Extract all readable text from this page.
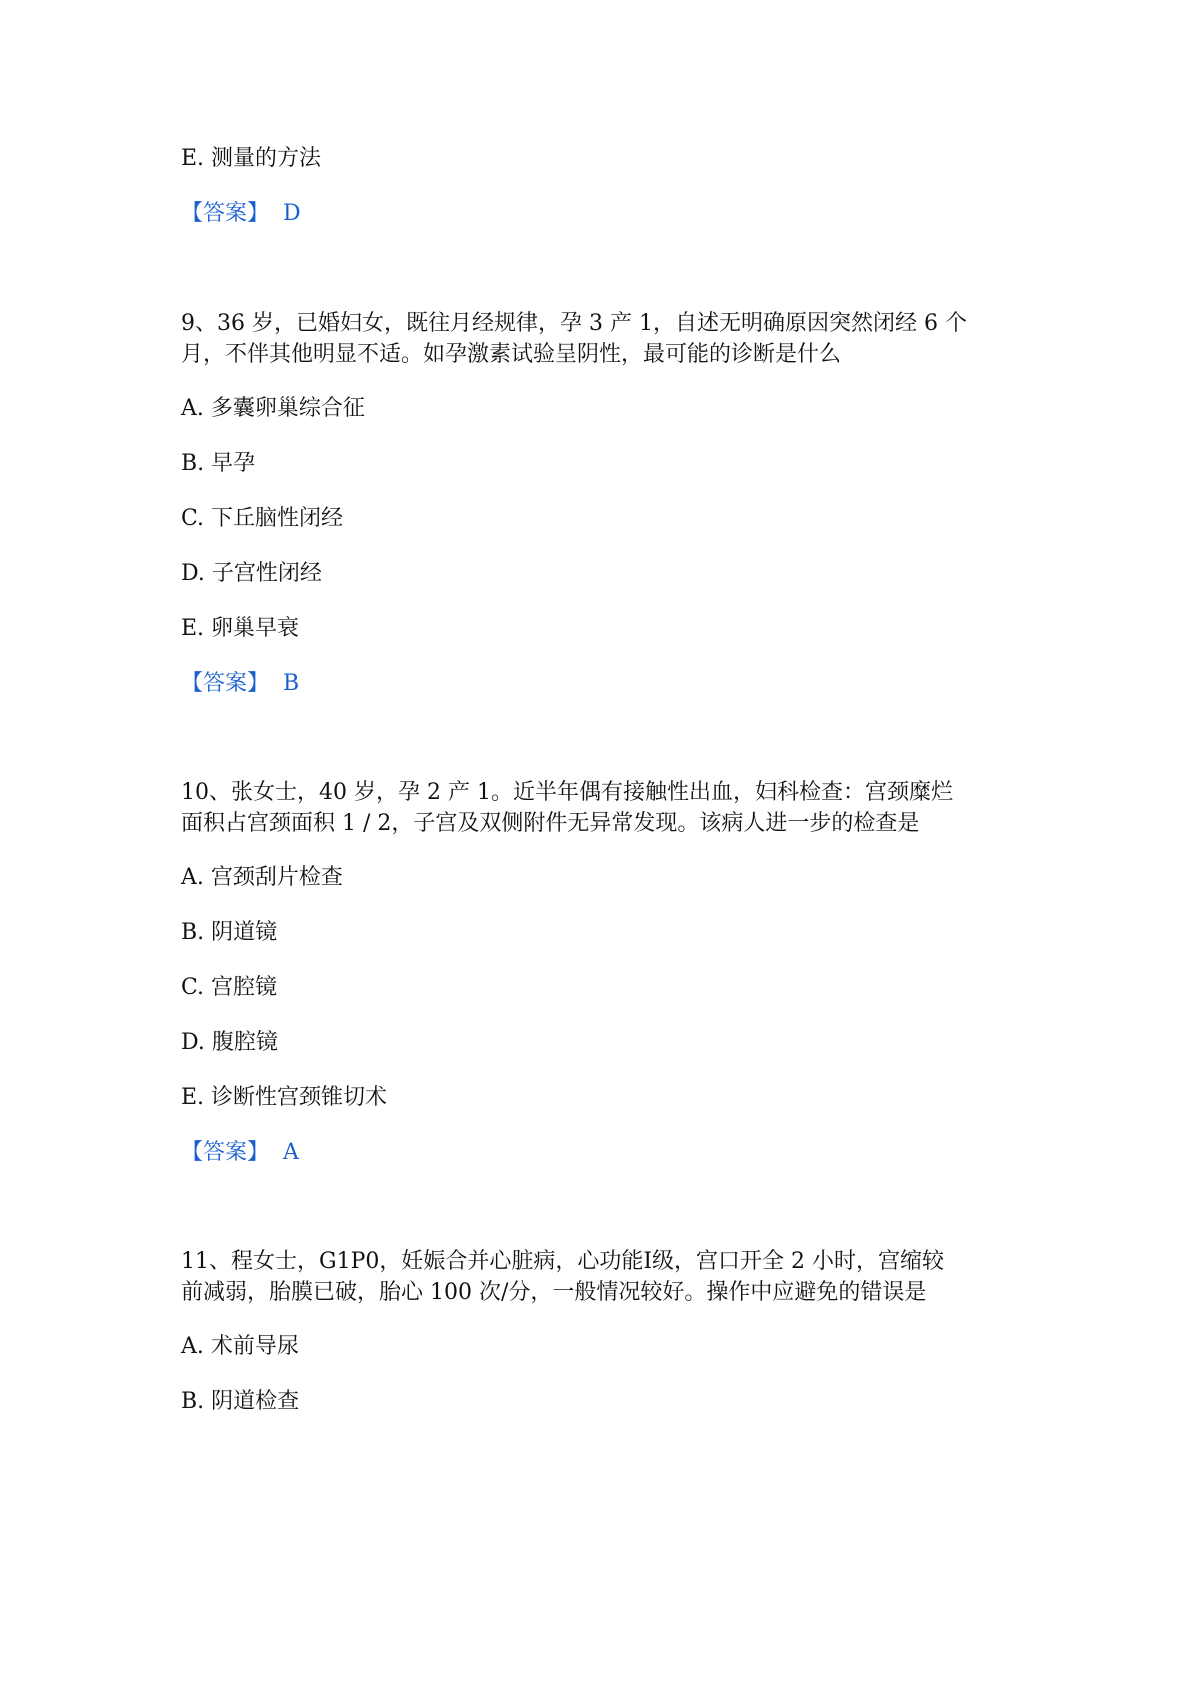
E. 测量的方法
【答案】 D
9、36 岁，已婚妇女，既往月经规律，孕 3 产 1，自述无明确原因突然闭经 6 个
月，不伴其他明显不适。如孕激素试验呈阴性，最可能的诊断是什么
A. 多囊卵巢综合征
B. 早孕
C. 下丘脑性闭经
D. 子宫性闭经
E. 卵巢早衰
【答案】 B
10、张女士，40 岁，孕 2 产 1。近半年偶有接触性出血，妇科检查：宫颈糜烂
面积占宫颈面积 1 / 2，子宫及双侧附件无异常发现。该病人进一步的检查是
A. 宫颈刮片检查
B. 阴道镜
C. 宫腔镜
D. 腹腔镜
E. 诊断性宫颈锥切术
【答案】 A
11、程女士，G1P0，妊娠合并心脏病，心功能Ⅰ级，宫口开全 2 小时，宫缩较
前减弱，胎膜已破，胎心 100 次/分，一般情况较好。操作中应避免的错误是
A. 术前导尿
B. 阴道检查
